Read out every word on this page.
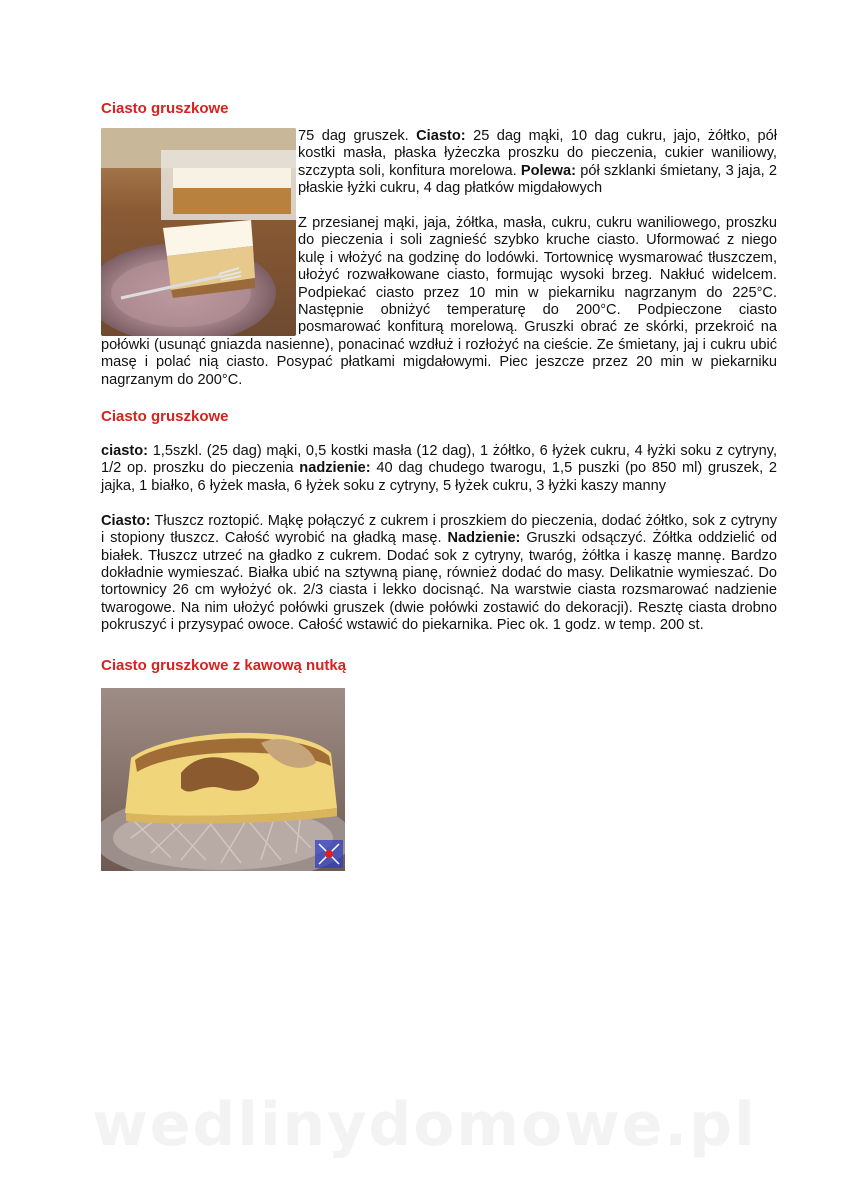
Ciasto gruszkowe

75 dag gruszek. Ciasto: 25 dag mąki, 10 dag cukru, jajo, żółtko, pół kostki masła, płaska łyżeczka proszku do pieczenia, cukier waniliowy, szczypta soli, konfitura morelowa. Polewa: pół szklanki śmietany, 3 jaja, 2 płaskie łyżki cukru, 4 dag płatków migdałowych

Z przesianej mąki, jaja, żółtka, masła, cukru, cukru waniliowego, proszku do pieczenia i soli zagnieść szybko kruche ciasto. Uformować z niego kulę i włożyć na godzinę do lodówki. Tortownicę wysmarować tłuszczem, ułożyć rozwałkowane ciasto, formując wysoki brzeg. Nakłuć widelcem. Podpiekać ciasto przez 10 min w piekarniku nagrzanym do 225°C. Następnie obniżyć temperaturę do 200°C. Podpieczone ciasto posmarować konfiturą morelową. Gruszki obrać ze skórki, przekroić na połówki (usunąć gniazda nasienne), ponacinać wzdłuż i rozłożyć na cieście. Ze śmietany, jaj i cukru ubić masę i polać nią ciasto. Posypać płatkami migdałowymi. Piec jeszcze przez 20 min w piekarniku nagrzanym do 200°C.

Ciasto gruszkowe

ciasto: 1,5szkl. (25 dag) mąki, 0,5 kostki masła (12 dag), 1 żółtko, 6 łyżek cukru, 4 łyżki soku z cytryny, 1/2 op. proszku do pieczenia nadzienie: 40 dag chudego twarogu, 1,5 puszki (po 850 ml) gruszek, 2 jajka, 1 białko, 6 łyżek masła, 6 łyżek soku z cytryny, 5 łyżek cukru, 3 łyżki kaszy manny

Ciasto: Tłuszcz roztopić. Mąkę połączyć z cukrem i proszkiem do pieczenia, dodać żółtko, sok z cytryny i stopiony tłuszcz. Całość wyrobić na gładką masę. Nadzienie: Gruszki odsączyć. Żółtka oddzielić od białek. Tłuszcz utrzeć na gładko z cukrem. Dodać sok z cytryny, twaróg, żółtka i kaszę mannę. Bardzo dokładnie wymieszać. Białka ubić na sztywną pianę, również dodać do masy. Delikatnie wymieszać. Do tortownicy 26 cm wyłożyć ok. 2/3 ciasta i lekko docisnąć. Na warstwie ciasta rozsmarować nadzienie twarogowe. Na nim ułożyć połówki gruszek (dwie połówki zostawić do dekoracji). Resztę ciasta drobno pokruszyć i przysypać owoce. Całość wstawić do piekarnika. Piec ok. 1 godz. w temp. 200 st.

Ciasto gruszkowe z kawową nutką
wedlinydomowe.pl
